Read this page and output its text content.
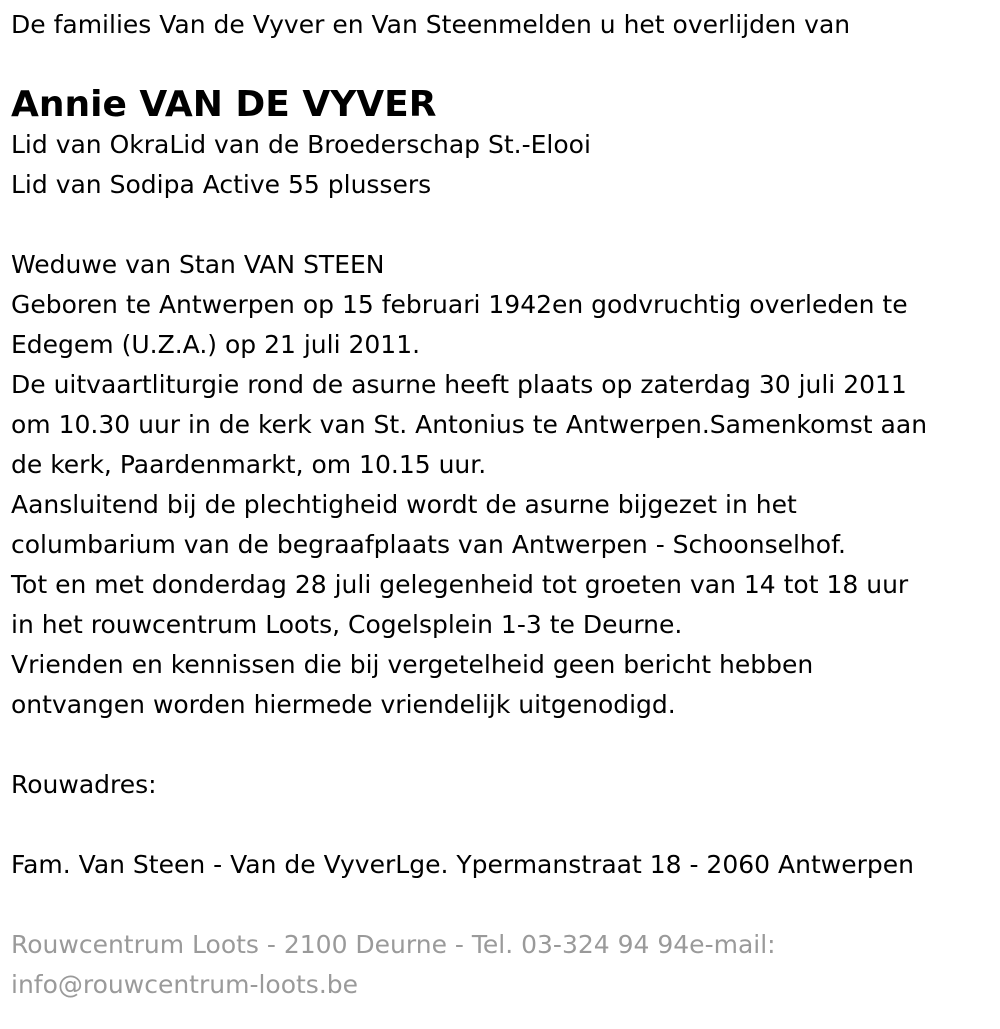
De families Van de Vyver en Van Steenmelden u het overlijden van
Annie VAN DE VYVER
Lid van OkraLid van de Broederschap St.-Elooi
Lid van Sodipa Active 55 plussers
Weduwe van Stan VAN STEEN
Geboren te Antwerpen op 15 februari 1942en godvruchtig overleden te
Edegem (U.Z.A.) op 21 juli 2011.
De uitvaartliturgie rond de asurne heeft plaats op zaterdag 30 juli 2011
om 10.30 uur in de kerk van St. Antonius te Antwerpen.Samenkomst aan
de kerk, Paardenmarkt, om 10.15 uur.
Aansluitend bij de plechtigheid wordt de asurne bijgezet in het
columbarium van de begraafplaats van Antwerpen - Schoonselhof.
Tot en met donderdag 28 juli gelegenheid tot groeten van 14 tot 18 uur
in het rouwcentrum Loots, Cogelsplein 1-3 te Deurne.
Vrienden en kennissen die bij vergetelheid geen bericht hebben
ontvangen worden hiermede vriendelijk uitgenodigd.
Rouwadres:
Fam. Van Steen - Van de VyverLge. Ypermanstraat 18 - 2060 Antwerpen
Rouwcentrum Loots - 2100 Deurne - Tel. 03-324 94 94e-mail:
info@rouwcentrum-loots.be
